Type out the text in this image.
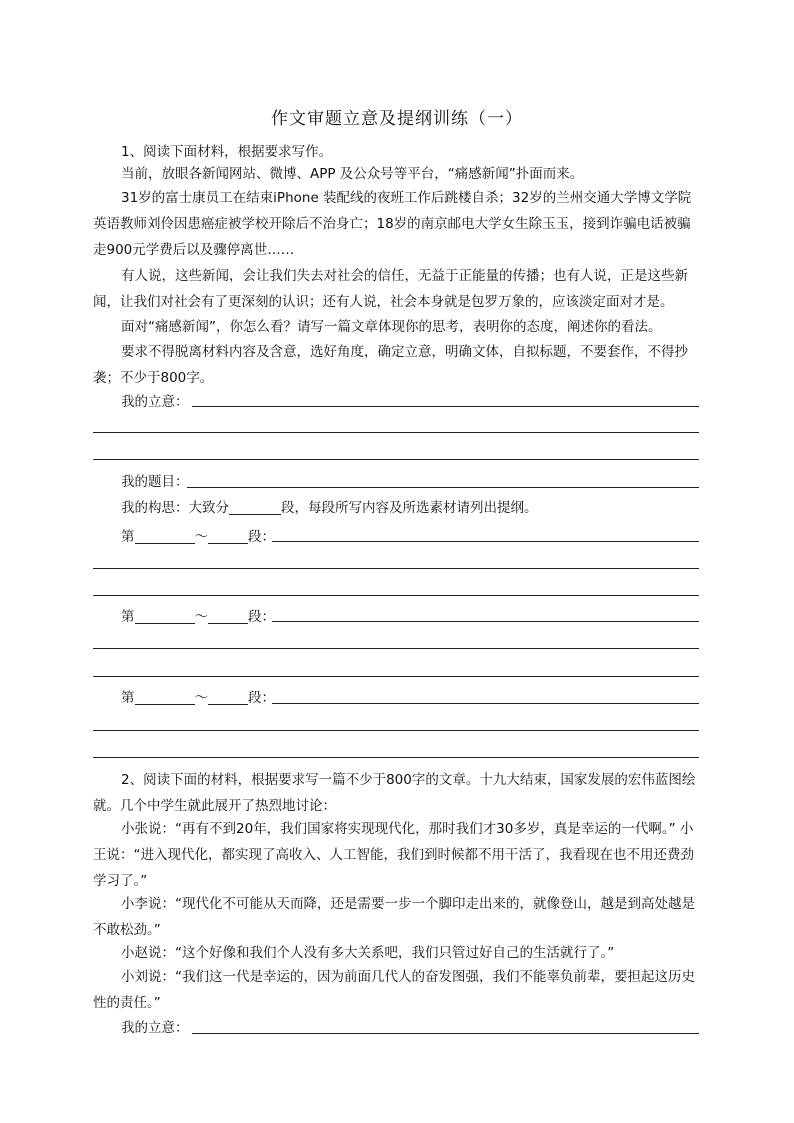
作文审题立意及提纲训练（一）

1、阅读下面材料，根据要求写作。

当前，放眼各新闻网站、微博、APP 及公众号等平台，“痛感新闻”扑面而来。

31岁的富士康员工在结束iPhone 装配线的夜班工作后跳楼自杀；32岁的兰州交通大学博文学院英语教师刘伶因患癌症被学校开除后不治身亡；18岁的南京邮电大学女生除玉玉，接到诈骗电话被骗走900元学费后以及骤停离世……

有人说，这些新闻，会让我们失去对社会的信任，无益于正能量的传播；也有人说，正是这些新闻，让我们对社会有了更深刻的认识；还有人说，社会本身就是包罗万象的，应该淡定面对才是。

面对“痛感新闻”，你怎么看？请写一篇文章体现你的思考，表明你的态度，阐述你的看法。

要求不得脱离材料内容及含意，选好角度，确定立意，明确文体，自拟标题，不要套作，不得抄袭；不少于800字。

我的立意：
我的题目：
我的构思：大致分	段，每段所写内容及所选素材请列出提纲。
第	～	段：
第	～	段：
第	～	段：

2、阅读下面的材料，根据要求写一篇不少于800字的文章。十九大结束，国家发展的宏伟蓝图绘就。几个中学生就此展开了热烈地讨论：

小张说：“再有不到20年，我们国家将实现现代化，那时我们才30多岁，真是幸运的一代啊。” 小王说：“进入现代化，都实现了高收入、人工智能，我们到时候都不用干活了，我看现在也不用还费劲学习了。”

小李说：“现代化不可能从天而降，还是需要一步一个脚印走出来的，就像登山，越是到高处越是不敢松劲。”

小赵说：“这个好像和我们个人没有多大关系吧，我们只管过好自己的生活就行了。”

小刘说：“我们这一代是幸运的，因为前面几代人的奋发图强，我们不能辜负前辈，要担起这历史性的责任。”

我的立意：
